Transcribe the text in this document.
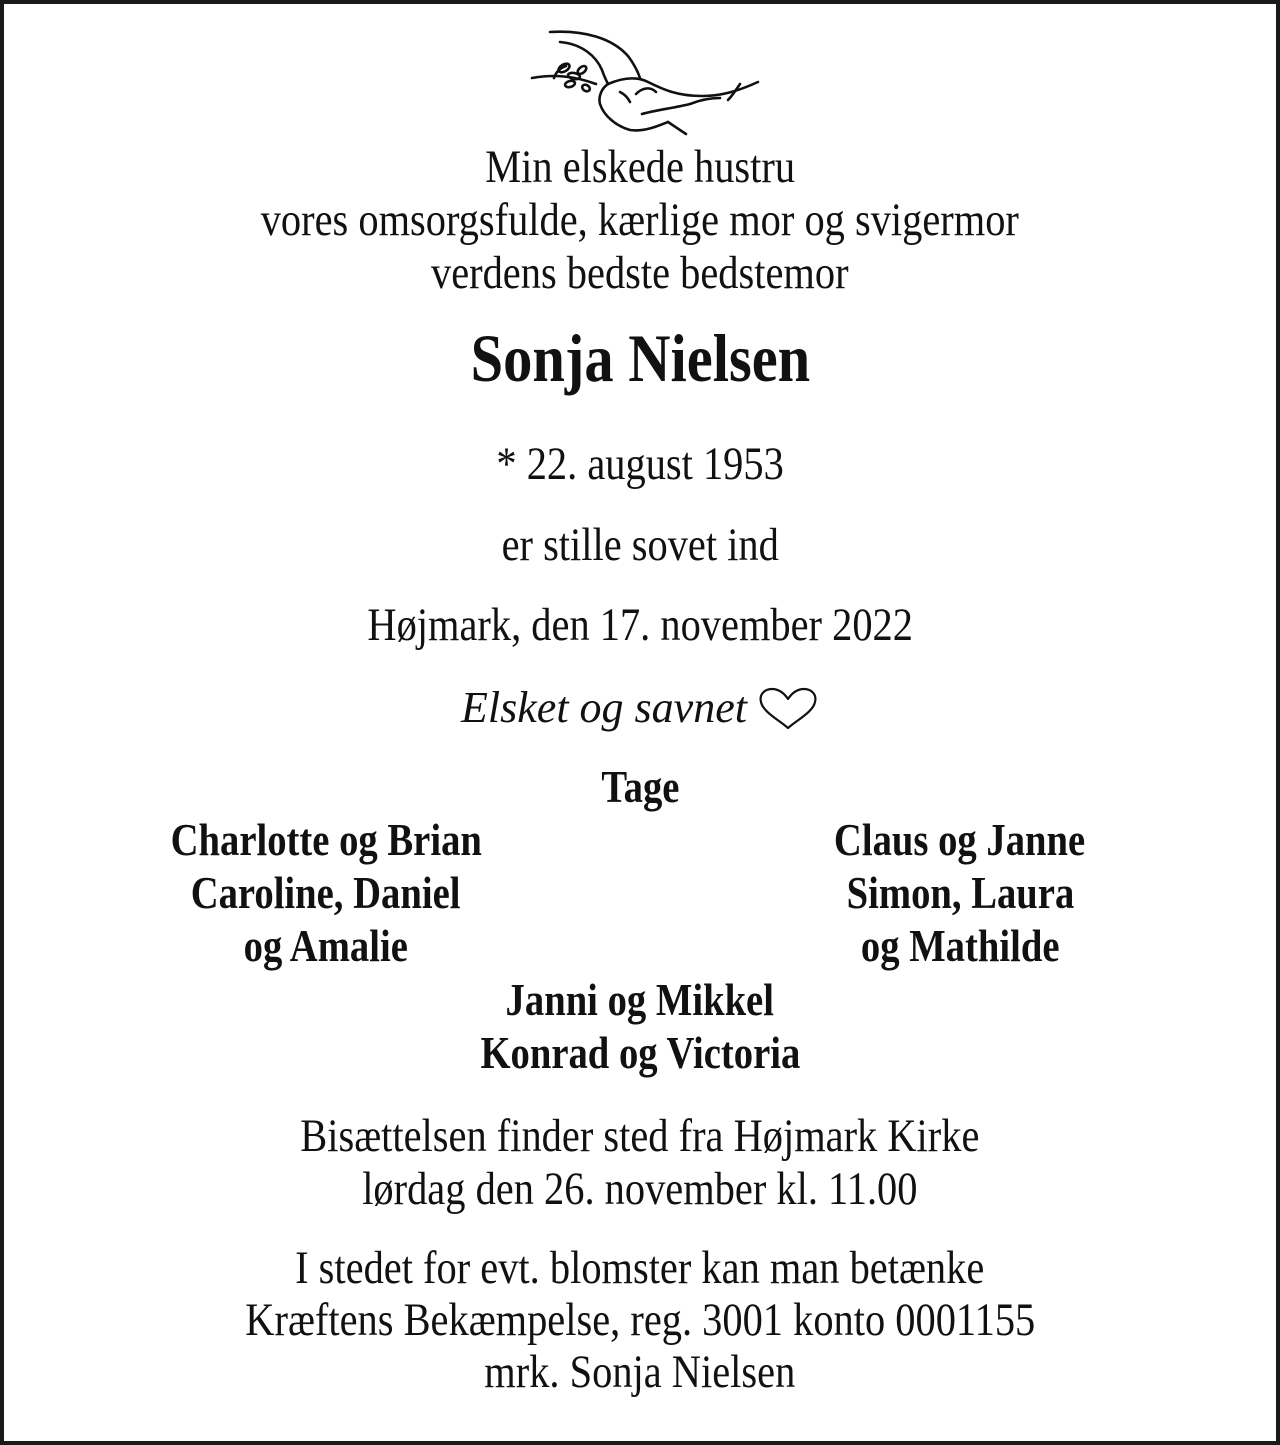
Min elskede hustru
vores omsorgsfulde, kærlige mor og svigermor
verdens bedste bedstemor
Sonja Nielsen
* 22. august 1953
er stille sovet ind
Højmark, den 17. november 2022
Elsket og savnet
Tage
Charlotte og Brian
Caroline, Daniel
og Amalie
Claus og Janne
Simon, Laura
og Mathilde
Janni og Mikkel
Konrad og Victoria
Bisættelsen finder sted fra Højmark Kirke
lørdag den 26. november kl. 11.00
I stedet for evt. blomster kan man betænke
Kræftens Bekæmpelse, reg. 3001 konto 0001155
mrk. Sonja Nielsen
